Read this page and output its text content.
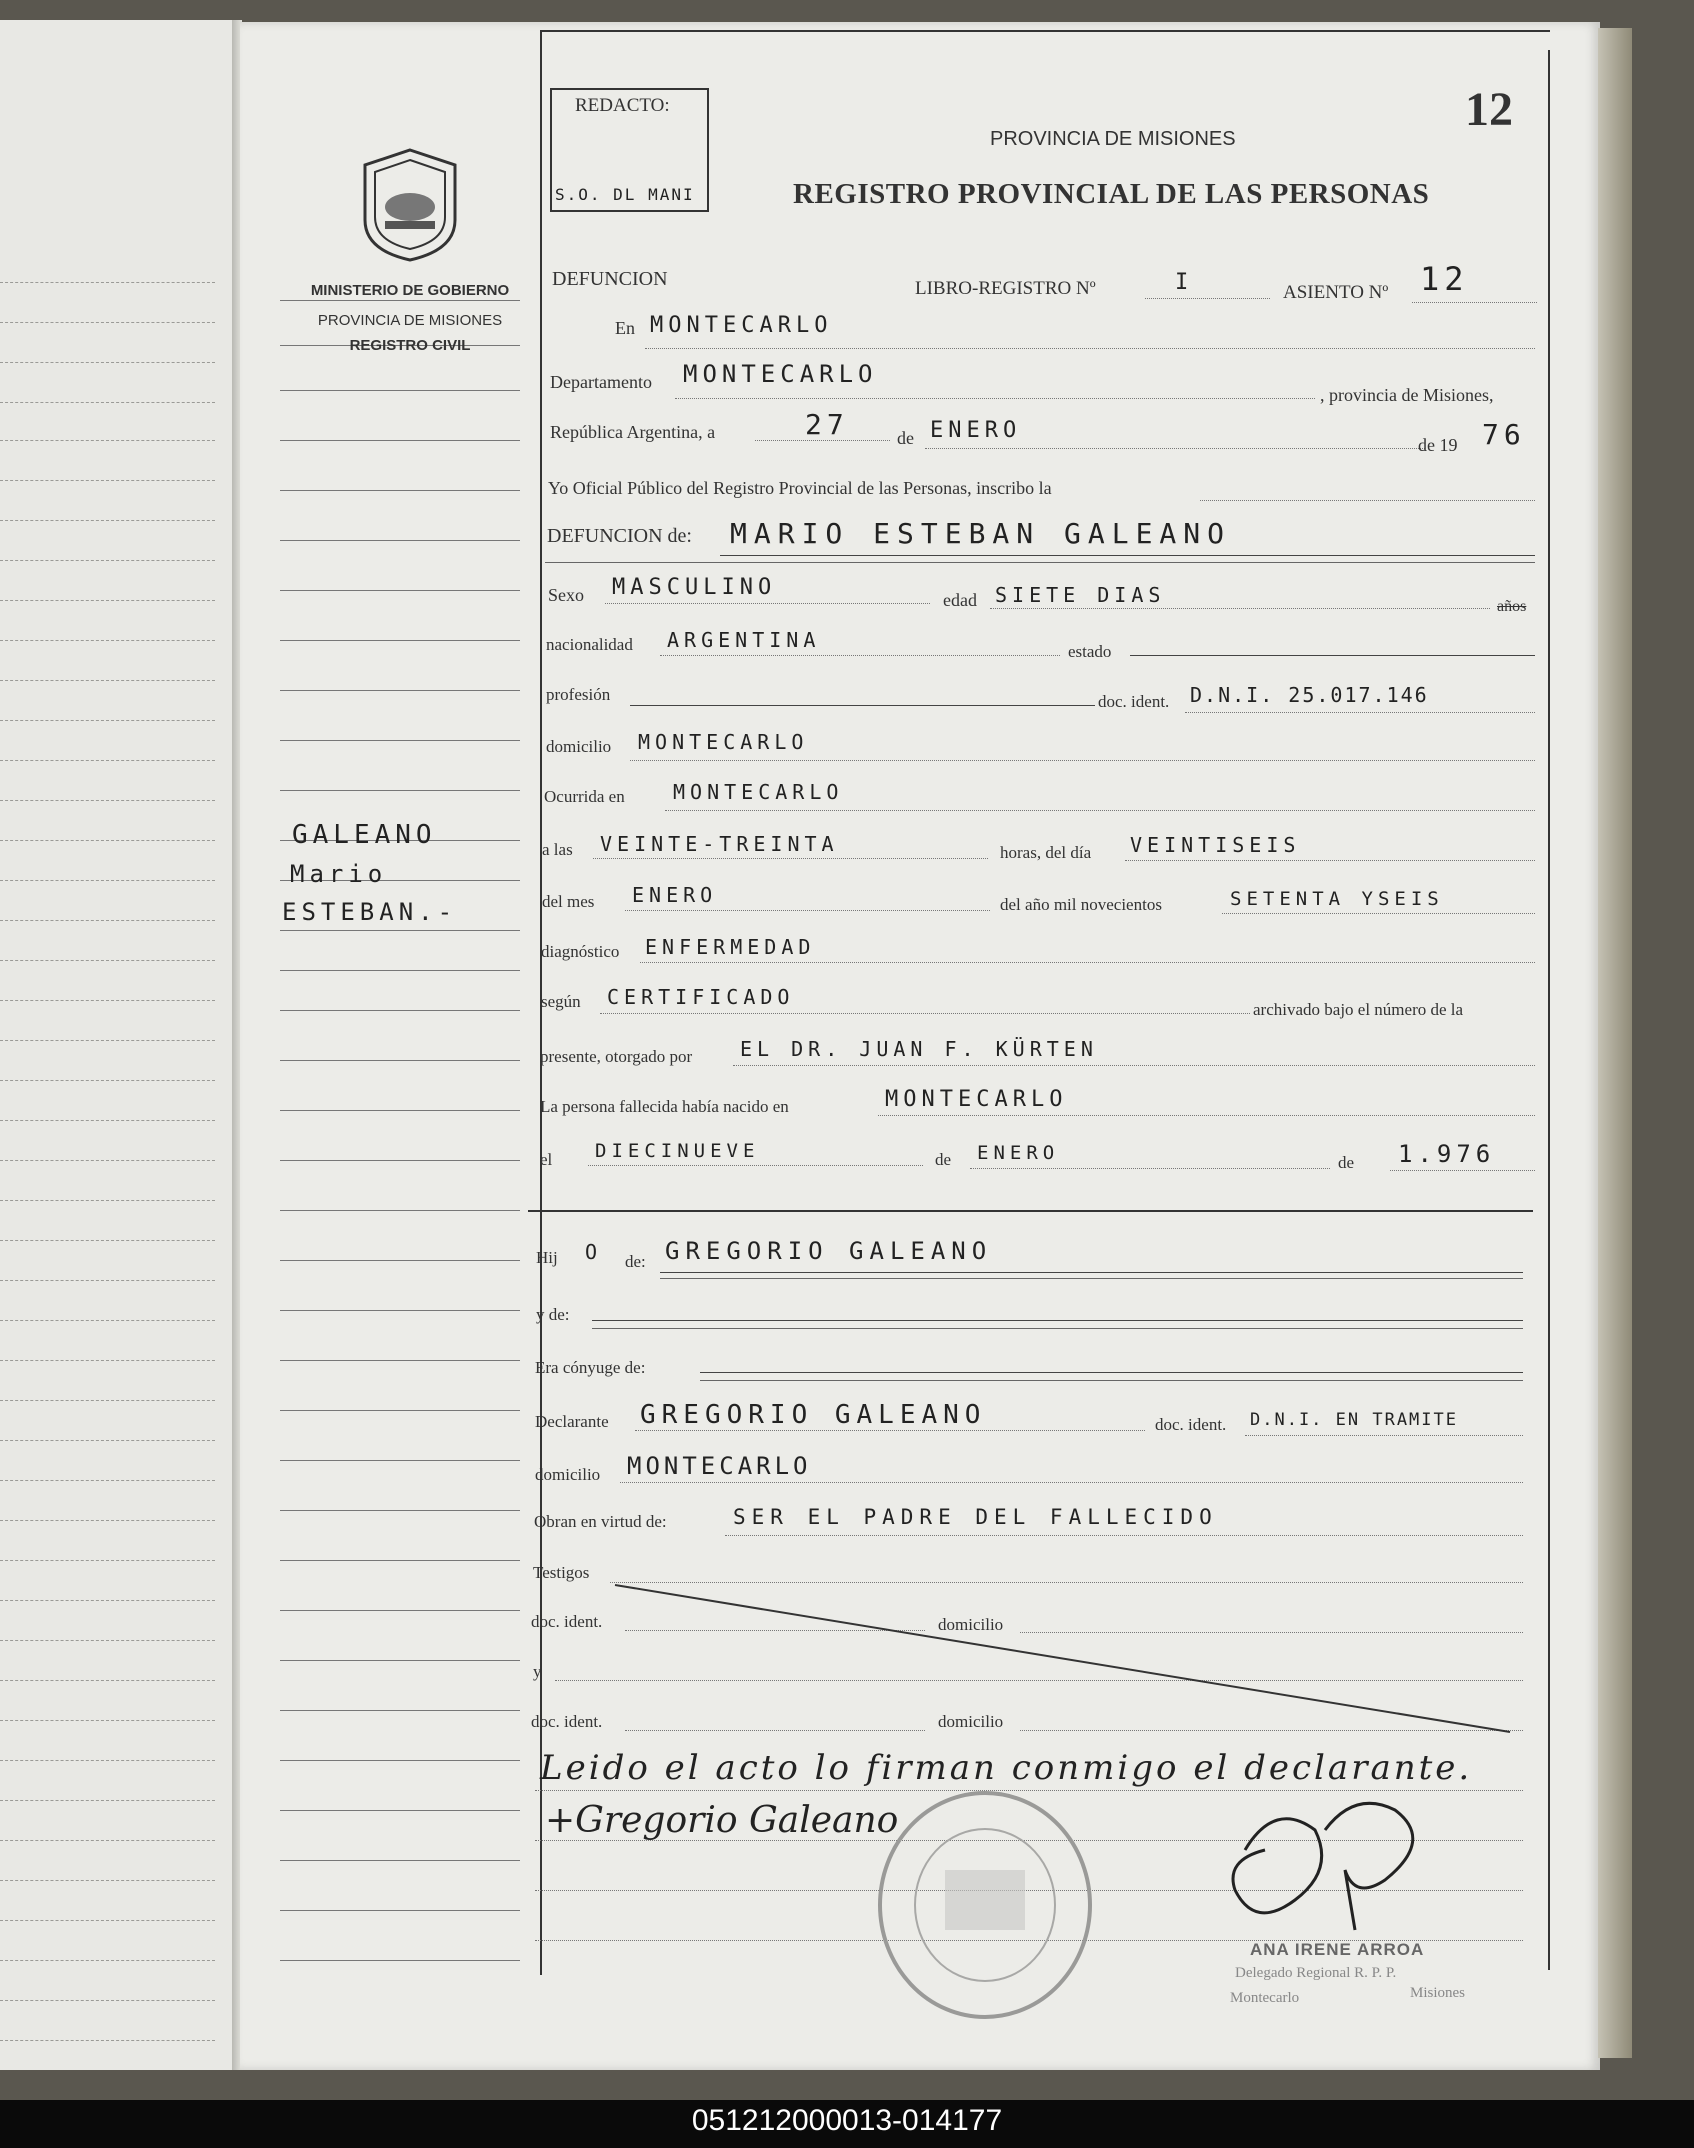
GALEANO
Mario
ESTEBAN.-
MINISTERIO DE GOBIERNO
PROVINCIA DE MISIONES
REGISTRO CIVIL
REDACTO:
S.O. DL MANI
12
PROVINCIA DE MISIONES
REGISTRO PROVINCIAL DE LAS PERSONAS
DEFUNCION	LIBRO-REGISTRO Nº	I	ASIENTO Nº 12
En MONTECARLO
Departamento MONTECARLO
, provincia de Misiones,
República Argentina, a	27	de ENERO
de 19 76
Yo Oficial Público del Registro Provincial de las Personas, inscribo la
DEFUNCION de: MARIO ESTEBAN GALEANO
Sexo MASCULINO	edad SIETE DIAS	años
nacionalidad ARGENTINA	estado
profesión	doc. ident. D.N.I. 25.017.146
domicilio MONTECARLO
Ocurrida en MONTECARLO
a las VEINTE-TREINTA	horas, del día VEINTISEIS
del mes ENERO	del año mil novecientos	SETENTA YSEIS
diagnóstico ENFERMEDAD
según CERTIFICADO
archivado bajo el número de la
presente, otorgado por EL DR. JUAN F. KÜRTEN
La persona fallecida había nacido en	MONTECARLO
el DIECINUEVE	de ENERO	de 1.976
Hij O de: GREGORIO GALEANO
y de:
Era cónyuge de:
Declarante GREGORIO GALEANO	doc. ident. D.N.I. EN TRAMITE
domicilio MONTECARLO
Obran en virtud de:	SER EL PADRE DEL FALLECIDO
Testigos
doc. ident.	domicilio
y
doc. ident.	domicilio
Leido el acto lo firman conmigo el declarante.
+Gregorio Galeano
ANA IRENE ARROA
Delegado Regional R. P. P.
Montecarlo	Misiones
051212000013-014177
